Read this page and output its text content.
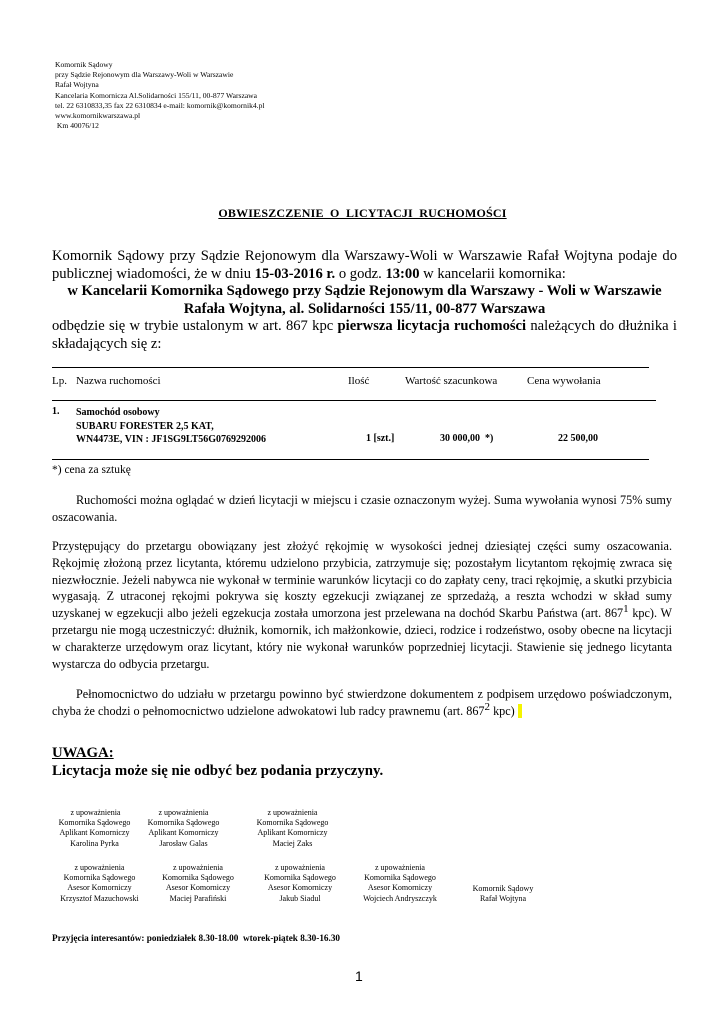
Komornik Sądowy
przy Sądzie Rejonowym dla Warszawy-Woli w Warszawie
Rafał Wojtyna
Kancelaria Komornicza Al.Solidarności 155/11, 00-877 Warszawa
tel. 22 6310833,35 fax 22 6310834 e-mail: komornik@komornik4.pl
www.komornikwarszawa.pl
Km 40076/12
OBWIESZCZENIE  O  LICYTACJI  RUCHOMOŚCI

Komornik Sądowy przy Sądzie Rejonowym dla Warszawy-Woli w Warszawie Rafał Wojtyna podaje do publicznej wiadomości, że w dniu 15-03-2016 r. o godz. 13:00 w kancelarii komornika:

w Kancelarii Komornika Sądowego przy Sądzie Rejonowym dla Warszawy - Woli w Warszawie Rafała Wojtyna, al. Solidarności 155/11, 00-877 Warszawa

odbędzie się w trybie ustalonym w art. 867 kpc pierwsza licytacja ruchomości należących do dłużnika i składających się z:

Lp. Nazwa ruchomości	Ilość	Wartość szacunkowa	Cena wywołania
1. Samochód osobowy
SUBARU FORESTER 2,5 KAT,
WN4473E, VIN : JF1SG9LT56G0769292006	1 [szt.]	30 000,00  *)	22 500,00
*) cena za sztukę

Ruchomości można oglądać w dzień licytacji w miejscu i czasie oznaczonym wyżej. Suma wywołania wynosi 75% sumy oszacowania.

Przystępujący do przetargu obowiązany jest złożyć rękojmię w wysokości jednej dziesiątej części sumy oszacowania. Rękojmię złożoną przez licytanta, któremu udzielono przybicia, zatrzymuje się; pozostałym licytantom rękojmię zwraca się niezwłocznie. Jeżeli nabywca nie wykonał w terminie warunków licytacji co do zapłaty ceny, traci rękojmię, a skutki przybicia wygasają. Z utraconej rękojmi pokrywa się koszty egzekucji związanej ze sprzedażą, a reszta wchodzi w skład sumy uzyskanej w egzekucji albo jeżeli egzekucja została umorzona jest przelewana na dochód Skarbu Państwa (art. $867^1$ kpc). W przetargu nie mogą uczestniczyć: dłużnik, komornik, ich małżonkowie, dzieci, rodzice i rodzeństwo, osoby obecne na licytacji w charakterze urzędowym oraz licytant, który nie wykonał warunków poprzedniej licytacji. Stawienie się jednego licytanta wystarcza do odbycia przetargu.

Pełnomocnictwo do udziału w przetargu powinno być stwierdzone dokumentem z podpisem urzędowo poświadczonym, chyba że chodzi o pełnomocnictwo udzielone adwokatowi lub radcy prawnemu (art. $867^2$ kpc)

UWAGA:
Licytacja może się nie odbyć bez podania przyczyny.
z upoważnienia
Komornika Sądowego
Aplikant Komorniczy
Karolina Pyrka
z upoważnienia
Komornika Sądowego
Aplikant Komorniczy
Jarosław Galas
z upoważnienia
Komornika Sądowego
Aplikant Komorniczy
Maciej Zaks
z upoważnienia
Komornika Sądowego
Asesor Komorniczy
Krzysztof Mazuchowski
z upoważnienia
Komornika Sądowego
Asesor Komorniczy
Maciej Parafiński
z upoważnienia
Komornika Sądowego
Asesor Komorniczy
Jakub Siadul
z upoważnienia
Komornika Sądowego
Asesor Komorniczy
Wojciech Andryszczyk
Komornik Sądowy
Rafał Wojtyna
Przyjęcia interesantów: poniedziałek 8.30-18.00  wtorek-piątek 8.30-16.30
1
